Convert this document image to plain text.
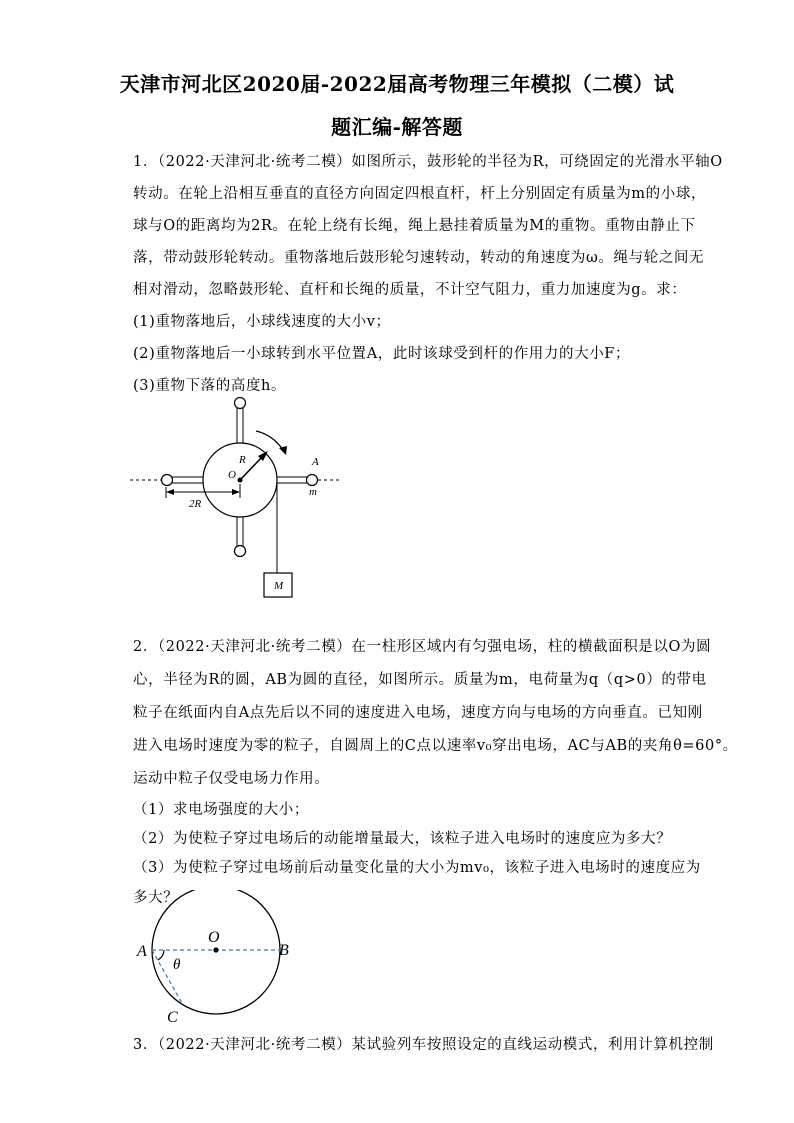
天津市河北区2020届-2022届高考物理三年模拟（二模）试
题汇编-解答题
1．（2022·天津河北·统考二模）如图所示，鼓形轮的半径为R，可绕固定的光滑水平轴O
转动。在轮上沿相互垂直的直径方向固定四根直杆，杆上分别固定有质量为m的小球，
球与O的距离均为2R。在轮上绕有长绳，绳上悬挂着质量为M的重物。重物由静止下
落，带动鼓形轮转动。重物落地后鼓形轮匀速转动，转动的角速度为ω。绳与轮之间无
相对滑动，忽略鼓形轮、直杆和长绳的质量，不计空气阻力，重力加速度为g。求：
(1)重物落地后，小球线速度的大小v；
(2)重物落地后一小球转到水平位置A，此时该球受到杆的作用力的大小F；
(3)重物下落的高度h。
R
O
A
m
2R
M
2．（2022·天津河北·统考二模）在一柱形区域内有匀强电场，柱的横截面积是以O为圆
心，半径为R的圆，AB为圆的直径，如图所示。质量为m，电荷量为q（q>0）的带电
粒子在纸面内自A点先后以不同的速度进入电场，速度方向与电场的方向垂直。已知刚
进入电场时速度为零的粒子，自圆周上的C点以速率v₀穿出电场，AC与AB的夹角θ=60°。
运动中粒子仅受电场力作用。
（1）求电场强度的大小；
（2）为使粒子穿过电场后的动能增量最大，该粒子进入电场时的速度应为多大？
（3）为使粒子穿过电场前后动量变化量的大小为mv₀，该粒子进入电场时的速度应为
多大？
A
O
B
θ
C
3．（2022·天津河北·统考二模）某试验列车按照设定的直线运动模式，利用计算机控制
